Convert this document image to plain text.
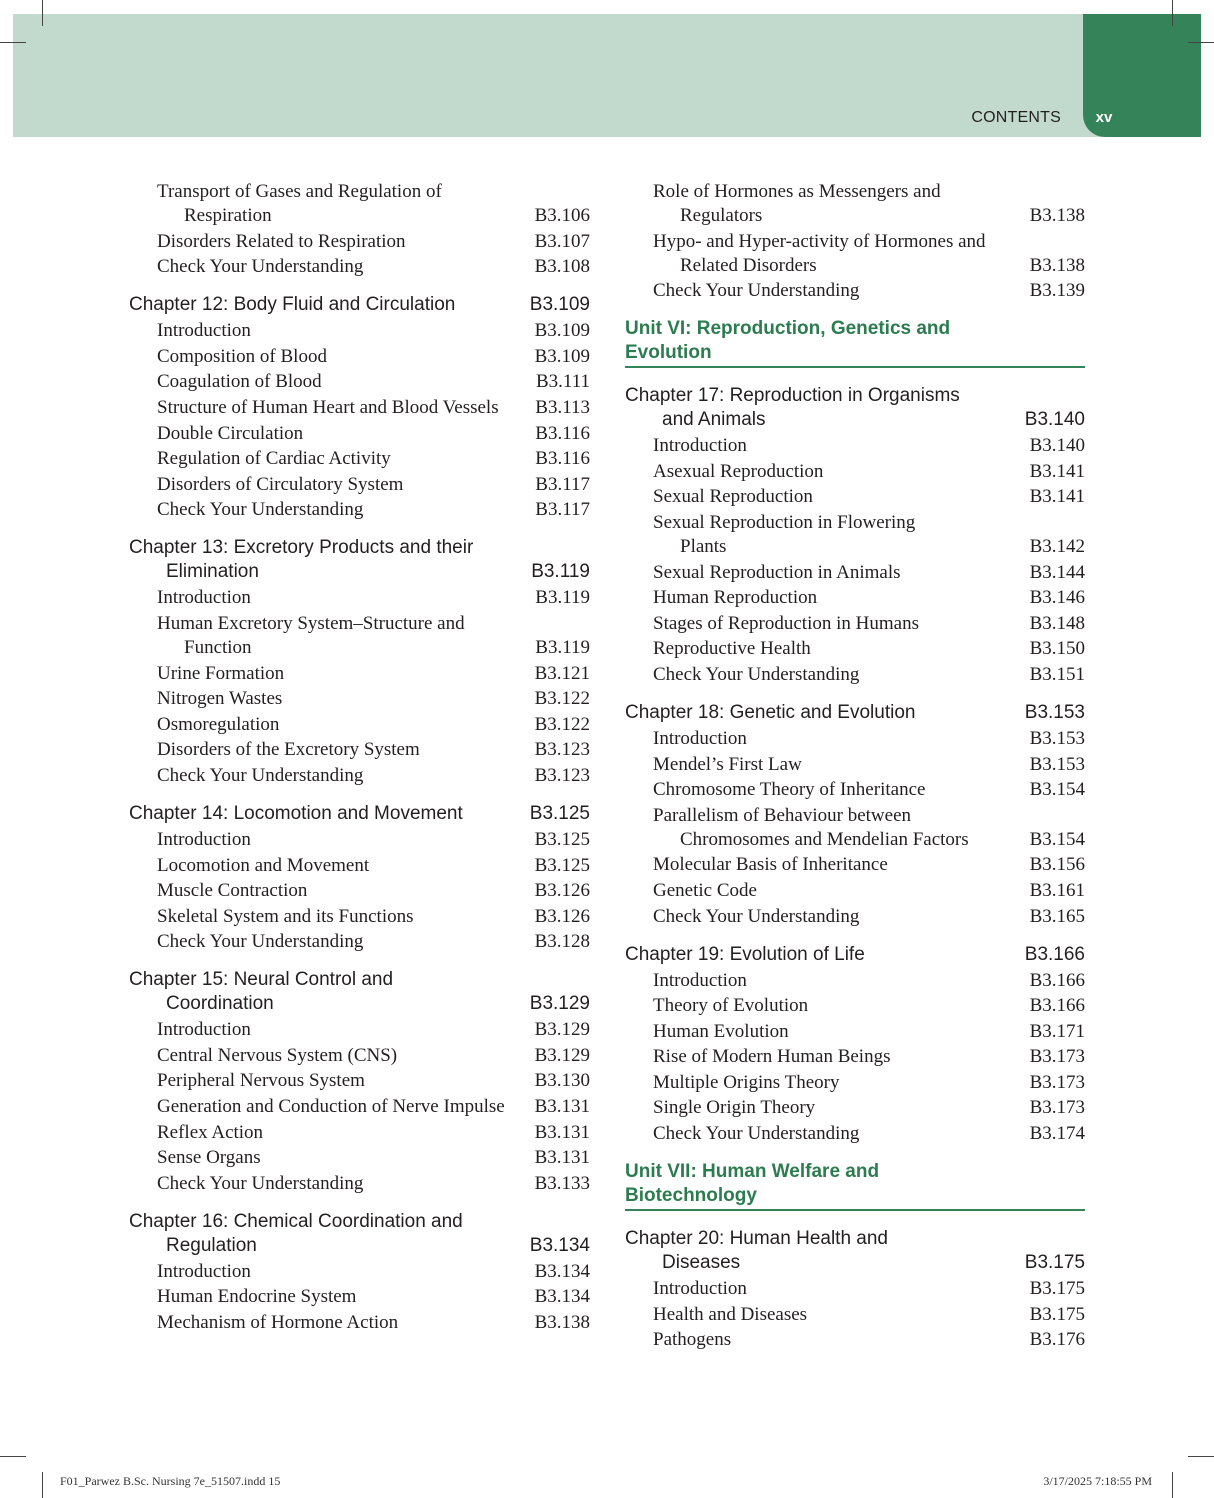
xv
CONTENTS
Transport of Gases and Regulation of
Respiration	B3.106
Disorders Related to Respiration	B3.107
Check Your Understanding	B3.108
Chapter 12: Body Fluid and Circulation	B3.109
Introduction	B3.109
Composition of Blood	B3.109
Coagulation of Blood	B3.111
Structure of Human Heart and Blood Vessels	B3.113
Double Circulation	B3.116
Regulation of Cardiac Activity	B3.116
Disorders of Circulatory System	B3.117
Check Your Understanding	B3.117
Chapter 13: Excretory Products and their
Elimination	B3.119
Introduction	B3.119
Human Excretory System–Structure and
Function	B3.119
Urine Formation	B3.121
Nitrogen Wastes	B3.122
Osmoregulation	B3.122
Disorders of the Excretory System	B3.123
Check Your Understanding	B3.123
Chapter 14: Locomotion and Movement	B3.125
Introduction	B3.125
Locomotion and Movement	B3.125
Muscle Contraction	B3.126
Skeletal System and its Functions	B3.126
Check Your Understanding	B3.128
Chapter 15: Neural Control and
Coordination	B3.129
Introduction	B3.129
Central Nervous System (CNS)	B3.129
Peripheral Nervous System	B3.130
Generation and Conduction of Nerve Impulse	B3.131
Reflex Action	B3.131
Sense Organs	B3.131
Check Your Understanding	B3.133
Chapter 16: Chemical Coordination and
Regulation	B3.134
Introduction	B3.134
Human Endocrine System	B3.134
Mechanism of Hormone Action	B3.138
Role of Hormones as Messengers and
Regulators	B3.138
Hypo- and Hyper-activity of Hormones and
Related Disorders	B3.138
Check Your Understanding	B3.139
Unit VI: Reproduction, Genetics and
Evolution
Chapter 17: Reproduction in Organisms
and Animals	B3.140
Introduction	B3.140
Asexual Reproduction	B3.141
Sexual Reproduction	B3.141
Sexual Reproduction in Flowering
Plants	B3.142
Sexual Reproduction in Animals	B3.144
Human Reproduction	B3.146
Stages of Reproduction in Humans	B3.148
Reproductive Health	B3.150
Check Your Understanding	B3.151
Chapter 18: Genetic and Evolution	B3.153
Introduction	B3.153
Mendel’s First Law	B3.153
Chromosome Theory of Inheritance	B3.154
Parallelism of Behaviour between
Chromosomes and Mendelian Factors	B3.154
Molecular Basis of Inheritance	B3.156
Genetic Code	B3.161
Check Your Understanding	B3.165
Chapter 19: Evolution of Life	B3.166
Introduction	B3.166
Theory of Evolution	B3.166
Human Evolution	B3.171
Rise of Modern Human Beings	B3.173
Multiple Origins Theory	B3.173
Single Origin Theory	B3.173
Check Your Understanding	B3.174
Unit VII: Human Welfare and
Biotechnology
Chapter 20: Human Health and
Diseases	B3.175
Introduction	B3.175
Health and Diseases	B3.175
Pathogens	B3.176
F01_Parwez B.Sc. Nursing 7e_51507.indd 15	3/17/2025 7:18:55 PM
